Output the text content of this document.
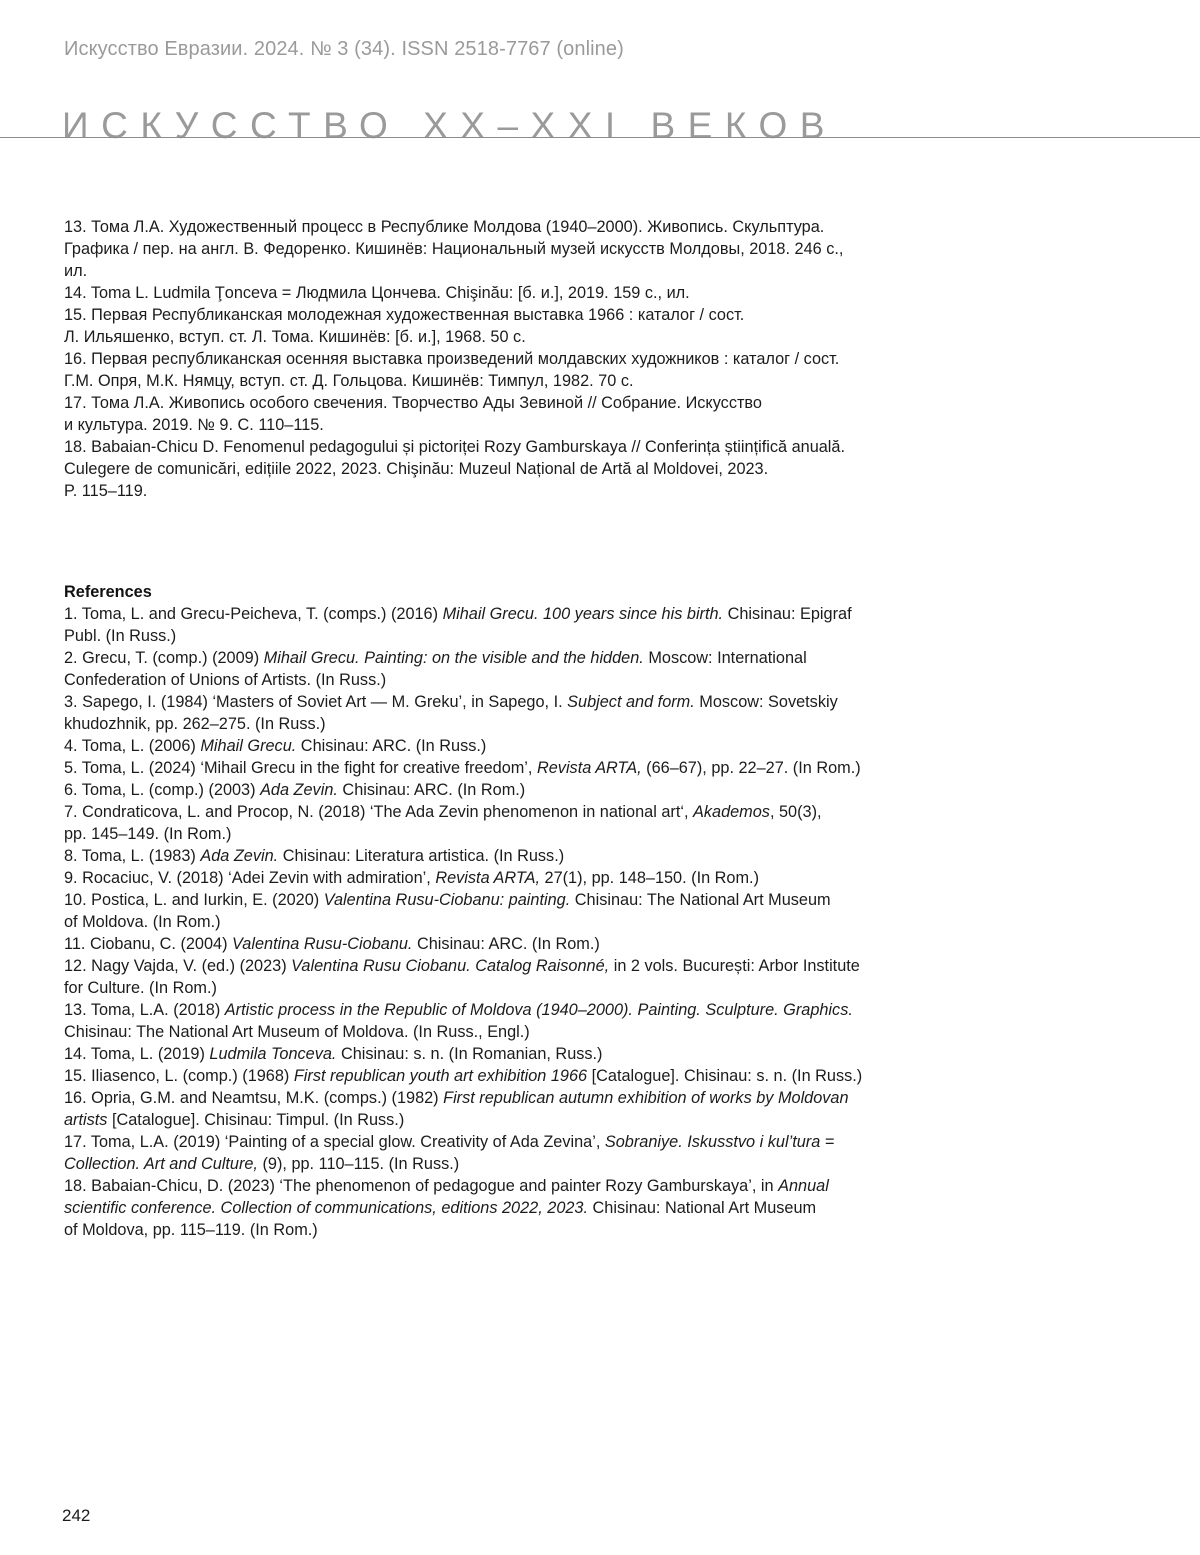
Искусство Евразии. 2024. № 3 (34). ISSN 2518-7767 (online)
ИСКУССТВО XX–XXI ВЕКОВ
13. Тома Л.А. Художественный процесс в Республике Молдова (1940–2000). Живопись. Скульптура.
Графика / пер. на англ. В. Федоренко. Кишинёв: Национальный музей искусств Молдовы, 2018. 246 с.,
ил.
14. Toma L. Ludmila Ţonceva = Людмила Цончева. Chişinău: [б. и.], 2019. 159 с., ил.
15. Первая Республиканская молодежная художественная выставка 1966 : каталог / сост.
Л. Ильяшенко, вступ. ст. Л. Тома. Кишинёв: [б. и.], 1968. 50 с.
16. Первая республиканская осенняя выставка произведений молдавских художников : каталог / сост.
Г.М. Опря, М.К. Нямцу, вступ. ст. Д. Гольцова. Кишинёв: Тимпул, 1982. 70 с.
17. Тома Л.А. Живопись особого свечения. Творчество Ады Зевиной // Собрание. Искусство
и культура. 2019. № 9. С. 110–115.
18. Babaian-Chicu D. Fenomenul pedagogului și pictoriței Rozy Gamburskaya // Conferința științifică anuală.
Culegere de comunicări, edițiile 2022, 2023. Chişinău: Muzeul Național de Artă al Moldovei, 2023.
P. 115–119.
References
1. Toma, L. and Grecu-Peicheva, T. (comps.) (2016) Mihail Grecu. 100 years since his birth. Chisinau: Epigraf
Publ. (In Russ.)
2. Grecu, T. (comp.) (2009) Mihail Grecu. Painting: on the visible and the hidden. Moscow: International
Confederation of Unions of Artists. (In Russ.)
3. Sapego, I. (1984) ‘Masters of Soviet Art — M. Greku’, in Sapego, I. Subject and form. Moscow: Sovetskiy
khudozhnik, pp. 262–275. (In Russ.)
4. Toma, L. (2006) Mihail Grecu. Chisinau: ARC. (In Russ.)
5. Toma, L. (2024) ‘Mihail Grecu in the fight for creative freedom’, Revista ARTA, (66–67), pp. 22–27. (In Rom.)
6. Toma, L. (comp.) (2003) Ada Zevin. Chisinau: ARC. (In Rom.)
7. Condraticova, L. and Procop, N. (2018) ‘The Ada Zevin phenomenon in national art‘, Akademos, 50(3),
pp. 145–149. (In Rom.)
8. Toma, L. (1983) Ada Zevin. Chisinau: Literatura artistica. (In Russ.)
9. Rocaciuc, V. (2018) ‘Adei Zevin with admiration’, Revista ARTA, 27(1), pp. 148–150. (In Rom.)
10. Postica, L. and Iurkin, E. (2020) Valentina Rusu-Ciobanu: painting. Chisinau: The National Art Museum
of Moldova. (In Rom.)
11. Ciobanu, C. (2004) Valentina Rusu-Ciobanu. Chisinau: ARC. (In Rom.)
12. Nagy Vajda, V. (ed.) (2023) Valentina Rusu Ciobanu. Catalog Raisonné, in 2 vols. București: Arbor Institute
for Culture. (In Rom.)
13. Toma, L.A. (2018) Artistic process in the Republic of Moldova (1940–2000). Painting. Sculpture. Graphics.
Chisinau: The National Art Museum of Moldova. (In Russ., Engl.)
14. Toma, L. (2019) Ludmila Tonceva. Chisinau: s. n. (In Romanian, Russ.)
15. Iliasenco, L. (comp.) (1968) First republican youth art exhibition 1966 [Catalogue]. Chisinau: s. n. (In Russ.)
16. Opria, G.M. and Neamtsu, M.K. (comps.) (1982) First republican autumn exhibition of works by Moldovan
artists [Catalogue]. Chisinau: Timpul. (In Russ.)
17. Toma, L.A. (2019) ‘Painting of a special glow. Creativity of Ada Zevina’, Sobraniye. Iskusstvo i kul’tura =
Collection. Art and Culture, (9), pp. 110–115. (In Russ.)
18. Babaian-Chicu, D. (2023) ‘The phenomenon of pedagogue and painter Rozy Gamburskaya’, in Annual
scientific conference. Collection of communications, editions 2022, 2023. Chisinau: National Art Museum
of Moldova, pp. 115–119. (In Rom.)
242
